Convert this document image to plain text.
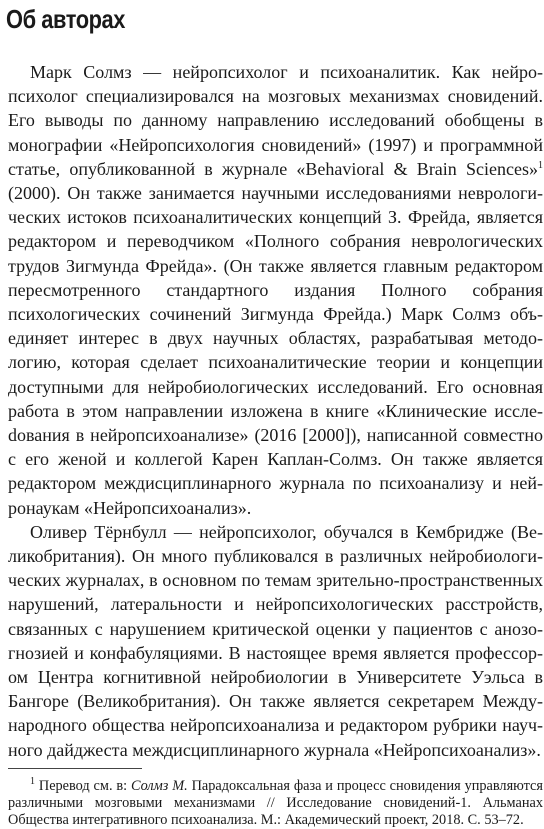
Об авторах

Марк Солмз — нейропсихолог и психоаналитик. Как нейропсихолог специализировался на мозговых механизмах сновидений. Его выводы по данному направлению исследований обобщены в монографии «Нейропсихология сновидений» (1997) и программной статье, опубликованной в журнале «Behavioral & Brain Sciences»$^1$ (2000). Он также занимается научными исследованиями неврологических истоков психоаналитических концепций З. Фрейда, является редактором и переводчиком «Полного собрания неврологических трудов Зигмунда Фрейда». (Он также является главным редактором пересмотренного стандартного издания Полного собрания психологических сочинений Зигмунда Фрейда.) Марк Солмз объединяет интерес в двух научных областях, разрабатывая методологию, которая сделает психоаналитические теории и концепции доступными для нейробиологических исследований. Его основная работа в этом направлении изложена в книге «Клинические исслеdования в нейропсихоанализе» (2016 [2000]), написанной совместно с его женой и коллегой Карен Каплан-Солмз. Он также является редактором междисциплинарного журнала по психоанализу и нейронаукам «Нейропсихоанализ».

Оливер Тёрнбулл — нейропсихолог, обучался в Кембридже (Великобритания). Он много публиковался в различных нейробиологических журналах, в основном по темам зрительно-пространственных нарушений, латеральности и нейропсихологических расстройств, связанных с нарушением критической оценки у пациентов с анозогнозией и конфабуляциями. В настоящее время является профессором Центра когнитивной нейробиологии в Университете Уэльса в Бангоре (Великобритания). Он также является секретарем Международного общества нейропсихоанализа и редактором рубрики научного дайджеста междисциплинарного журнала «Нейропсихоанализ».

$^1$ Перевод см. в: Солмз М. Парадоксальная фаза и процесс сновидения управляются различными мозговыми механизмами // Исследование сновидений-1. Альманах Общества интегративного психоанализа. М.: Академический проект, 2018. С. 53–72.
